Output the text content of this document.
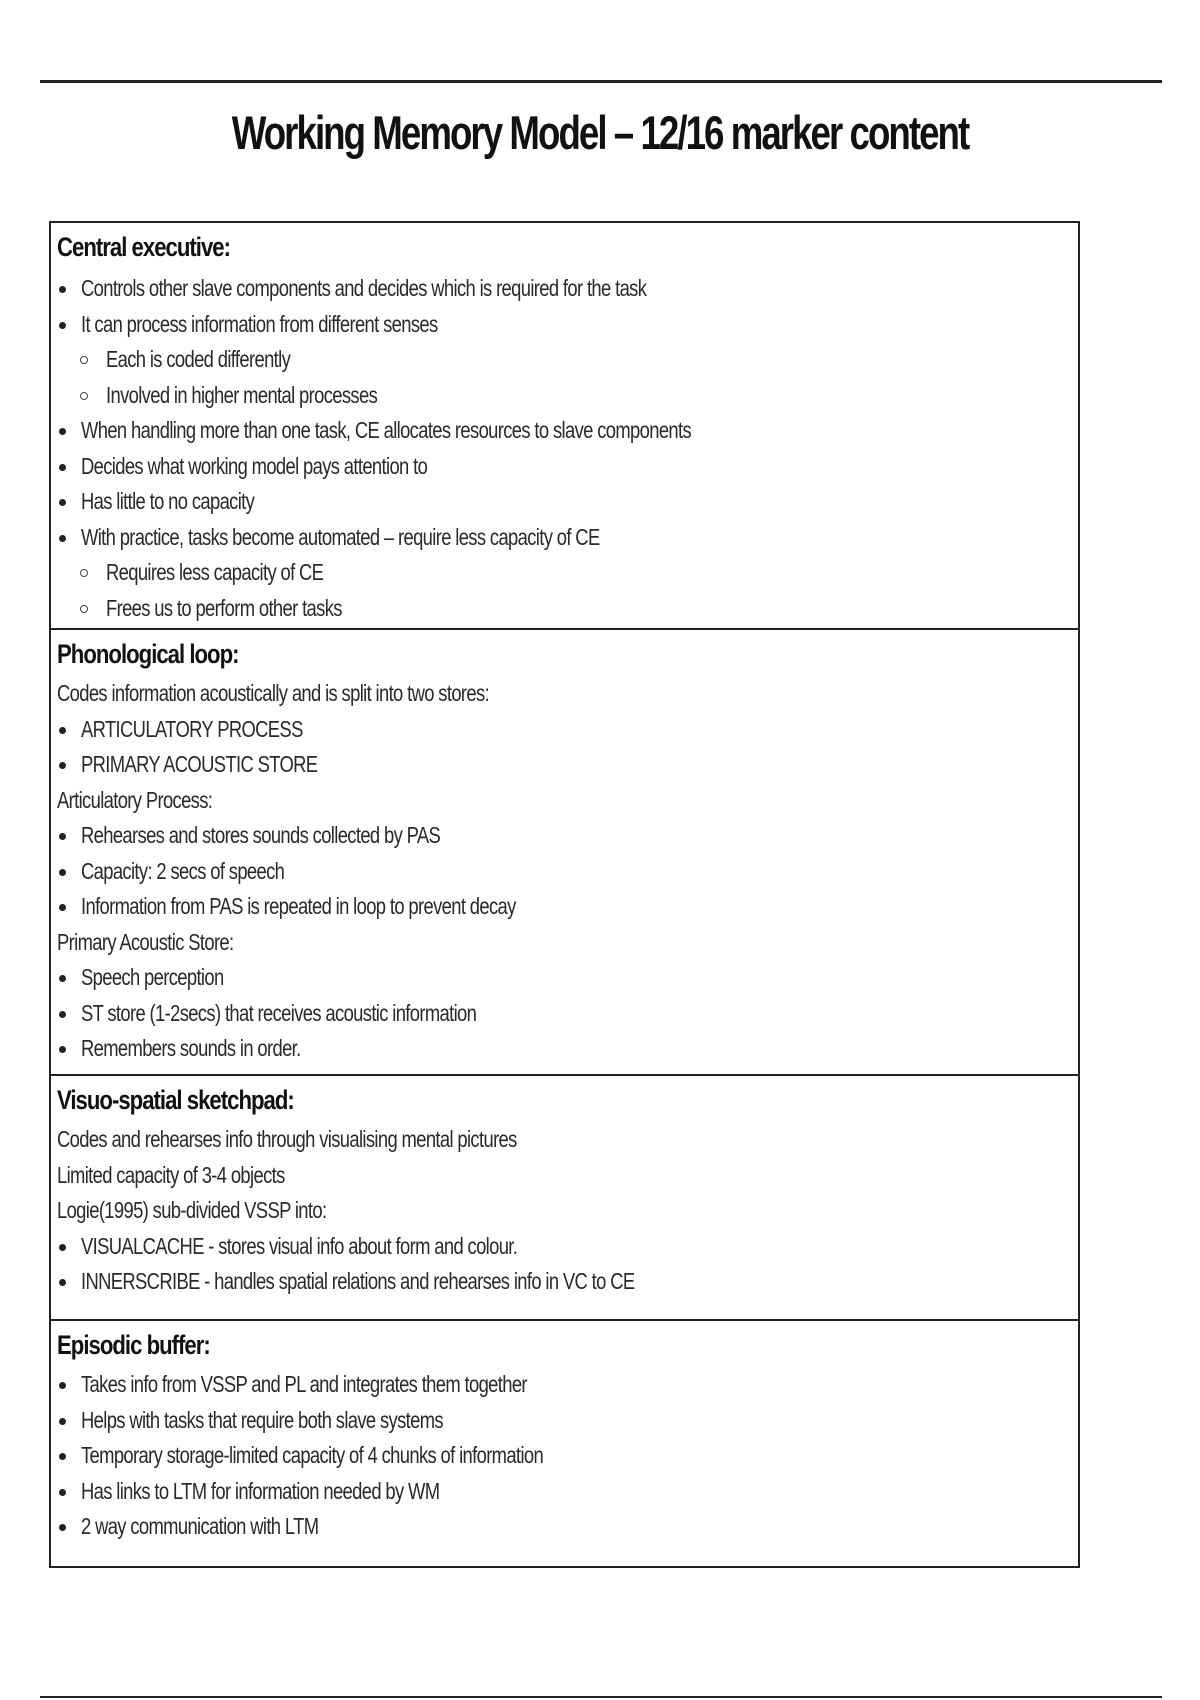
Working Memory Model – 12/16 marker content
Central executive:
Controls other slave components and decides which is required for the task
It can process information from different senses
Each is coded differently
Involved in higher mental processes
When handling more than one task, CE allocates resources to slave components
Decides what working model pays attention to
Has little to no capacity
With practice, tasks become automated – require less capacity of CE
Requires less capacity of CE
Frees us to perform other tasks
Phonological loop:
Codes information acoustically and is split into two stores:
ARTICULATORY PROCESS
PRIMARY ACOUSTIC STORE
Articulatory Process:
Rehearses and stores sounds collected by PAS
Capacity: 2 secs of speech
Information from PAS is repeated in loop to prevent decay
Primary Acoustic Store:
Speech perception
ST store (1-2secs) that receives acoustic information
Remembers sounds in order.
Visuo-spatial sketchpad:
Codes and rehearses info through visualising mental pictures
Limited capacity of 3-4 objects
Logie(1995) sub-divided VSSP into:
VISUALCACHE - stores visual info about form and colour.
INNERSCRIBE - handles spatial relations and rehearses info in VC to CE
Episodic buffer:
Takes info from VSSP and PL and integrates them together
Helps with tasks that require both slave systems
Temporary storage-limited capacity of 4 chunks of information
Has links to LTM for information needed by WM
2 way communication with LTM
